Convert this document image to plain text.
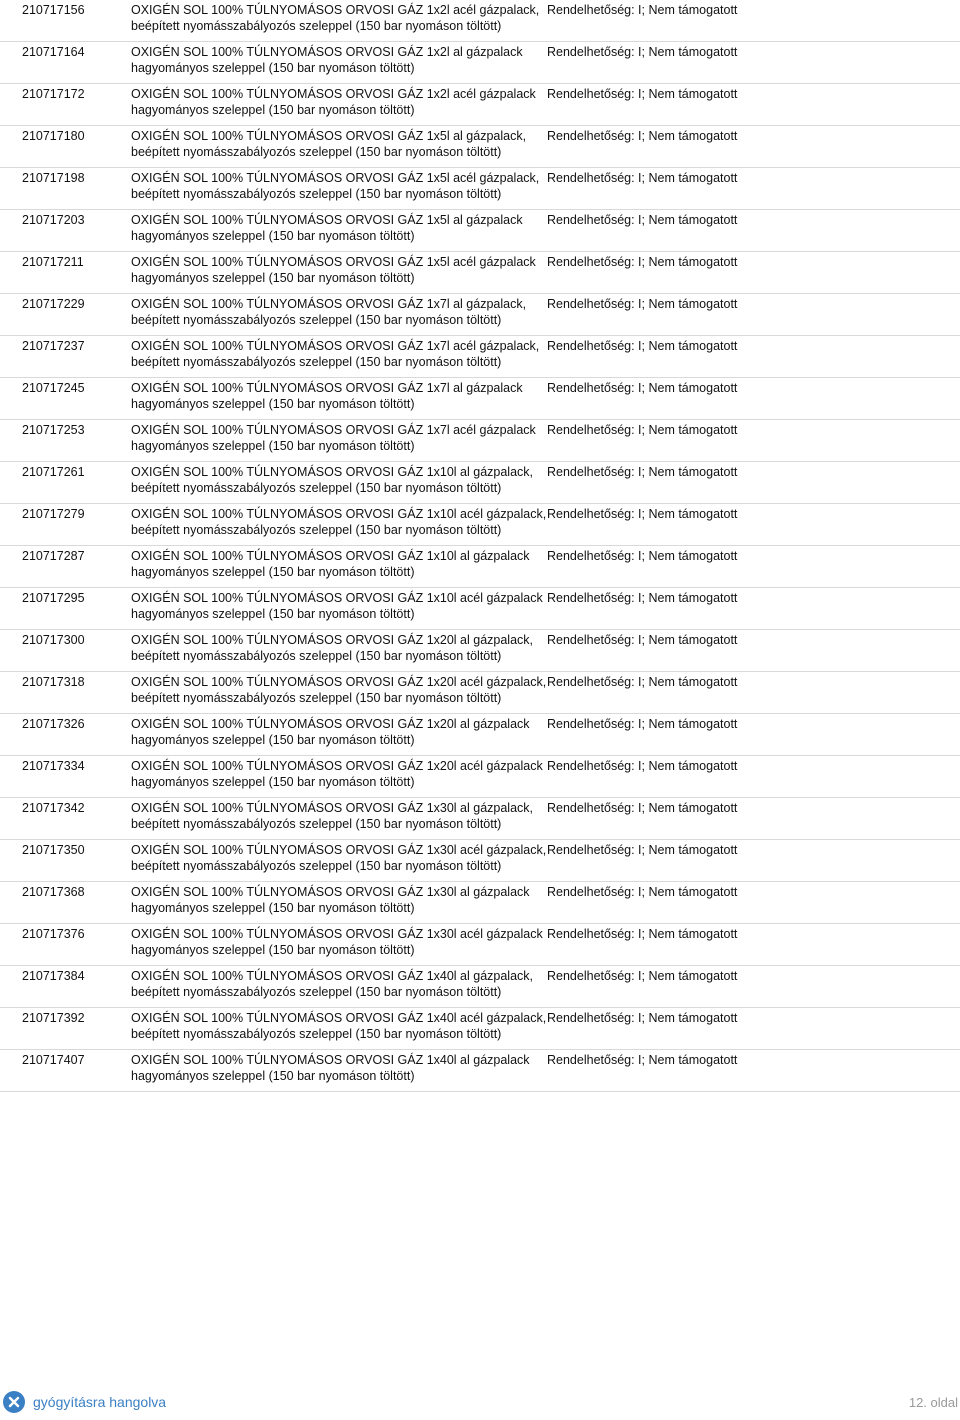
210717156	OXIGÉN SOL 100% TÚLNYOMÁSOS ORVOSI GÁZ 1x2l acél gázpalack, beépített nyomásszabályozós szeleppel (150 bar nyomáson töltött)
Rendelhetőség: I; Nem támogatott
210717164	OXIGÉN SOL 100% TÚLNYOMÁSOS ORVOSI GÁZ 1x2l al gázpalack hagyományos szeleppel (150 bar nyomáson töltött)
Rendelhetőség: I; Nem támogatott
210717172	OXIGÉN SOL 100% TÚLNYOMÁSOS ORVOSI GÁZ 1x2l acél gázpalack hagyományos szeleppel (150 bar nyomáson töltött)
Rendelhetőség: I; Nem támogatott
210717180	OXIGÉN SOL 100% TÚLNYOMÁSOS ORVOSI GÁZ 1x5l al gázpalack, beépített nyomásszabályozós szeleppel (150 bar nyomáson töltött)
Rendelhetőség: I; Nem támogatott
210717198	OXIGÉN SOL 100% TÚLNYOMÁSOS ORVOSI GÁZ 1x5l acél gázpalack, beépített nyomásszabályozós szeleppel (150 bar nyomáson töltött)
Rendelhetőség: I; Nem támogatott
210717203	OXIGÉN SOL 100% TÚLNYOMÁSOS ORVOSI GÁZ 1x5l al gázpalack hagyományos szeleppel (150 bar nyomáson töltött)
Rendelhetőség: I; Nem támogatott
210717211	OXIGÉN SOL 100% TÚLNYOMÁSOS ORVOSI GÁZ 1x5l acél gázpalack hagyományos szeleppel (150 bar nyomáson töltött)
Rendelhetőség: I; Nem támogatott
210717229	OXIGÉN SOL 100% TÚLNYOMÁSOS ORVOSI GÁZ 1x7l al gázpalack, beépített nyomásszabályozós szeleppel (150 bar nyomáson töltött)
Rendelhetőség: I; Nem támogatott
210717237	OXIGÉN SOL 100% TÚLNYOMÁSOS ORVOSI GÁZ 1x7l acél gázpalack, beépített nyomásszabályozós szeleppel (150 bar nyomáson töltött)
Rendelhetőség: I; Nem támogatott
210717245	OXIGÉN SOL 100% TÚLNYOMÁSOS ORVOSI GÁZ 1x7l al gázpalack hagyományos szeleppel (150 bar nyomáson töltött)
Rendelhetőség: I; Nem támogatott
210717253	OXIGÉN SOL 100% TÚLNYOMÁSOS ORVOSI GÁZ 1x7l acél gázpalack hagyományos szeleppel (150 bar nyomáson töltött)
Rendelhetőség: I; Nem támogatott
210717261	OXIGÉN SOL 100% TÚLNYOMÁSOS ORVOSI GÁZ 1x10l al gázpalack, beépített nyomásszabályozós szeleppel (150 bar nyomáson töltött)
Rendelhetőség: I; Nem támogatott
210717279	OXIGÉN SOL 100% TÚLNYOMÁSOS ORVOSI GÁZ 1x10l acél gázpalack, beépített nyomásszabályozós szeleppel (150 bar nyomáson töltött)
Rendelhetőség: I; Nem támogatott
210717287	OXIGÉN SOL 100% TÚLNYOMÁSOS ORVOSI GÁZ 1x10l al gázpalack hagyományos szeleppel (150 bar nyomáson töltött)
Rendelhetőség: I; Nem támogatott
210717295	OXIGÉN SOL 100% TÚLNYOMÁSOS ORVOSI GÁZ 1x10l acél gázpalack hagyományos szeleppel (150 bar nyomáson töltött)
Rendelhetőség: I; Nem támogatott
210717300	OXIGÉN SOL 100% TÚLNYOMÁSOS ORVOSI GÁZ 1x20l al gázpalack, beépített nyomásszabályozós szeleppel (150 bar nyomáson töltött)
Rendelhetőség: I; Nem támogatott
210717318	OXIGÉN SOL 100% TÚLNYOMÁSOS ORVOSI GÁZ 1x20l acél gázpalack, beépített nyomásszabályozós szeleppel (150 bar nyomáson töltött)
Rendelhetőség: I; Nem támogatott
210717326	OXIGÉN SOL 100% TÚLNYOMÁSOS ORVOSI GÁZ 1x20l al gázpalack hagyományos szeleppel (150 bar nyomáson töltött)
Rendelhetőség: I; Nem támogatott
210717334	OXIGÉN SOL 100% TÚLNYOMÁSOS ORVOSI GÁZ 1x20l acél gázpalack hagyományos szeleppel (150 bar nyomáson töltött)
Rendelhetőség: I; Nem támogatott
210717342	OXIGÉN SOL 100% TÚLNYOMÁSOS ORVOSI GÁZ 1x30l al gázpalack, beépített nyomásszabályozós szeleppel (150 bar nyomáson töltött)
Rendelhetőség: I; Nem támogatott
210717350	OXIGÉN SOL 100% TÚLNYOMÁSOS ORVOSI GÁZ 1x30l acél gázpalack, beépített nyomásszabályozós szeleppel (150 bar nyomáson töltött)
Rendelhetőség: I; Nem támogatott
210717368	OXIGÉN SOL 100% TÚLNYOMÁSOS ORVOSI GÁZ 1x30l al gázpalack hagyományos szeleppel (150 bar nyomáson töltött)
Rendelhetőség: I; Nem támogatott
210717376	OXIGÉN SOL 100% TÚLNYOMÁSOS ORVOSI GÁZ 1x30l acél gázpalack hagyományos szeleppel (150 bar nyomáson töltött)
Rendelhetőség: I; Nem támogatott
210717384	OXIGÉN SOL 100% TÚLNYOMÁSOS ORVOSI GÁZ 1x40l al gázpalack, beépített nyomásszabályozós szeleppel (150 bar nyomáson töltött)
Rendelhetőség: I; Nem támogatott
210717392	OXIGÉN SOL 100% TÚLNYOMÁSOS ORVOSI GÁZ 1x40l acél gázpalack, beépített nyomásszabályozós szeleppel (150 bar nyomáson töltött)
Rendelhetőség: I; Nem támogatott
210717407	OXIGÉN SOL 100% TÚLNYOMÁSOS ORVOSI GÁZ 1x40l al gázpalack hagyományos szeleppel (150 bar nyomáson töltött)
Rendelhetőség: I; Nem támogatott
gyógyításra hangolva	12. oldal
